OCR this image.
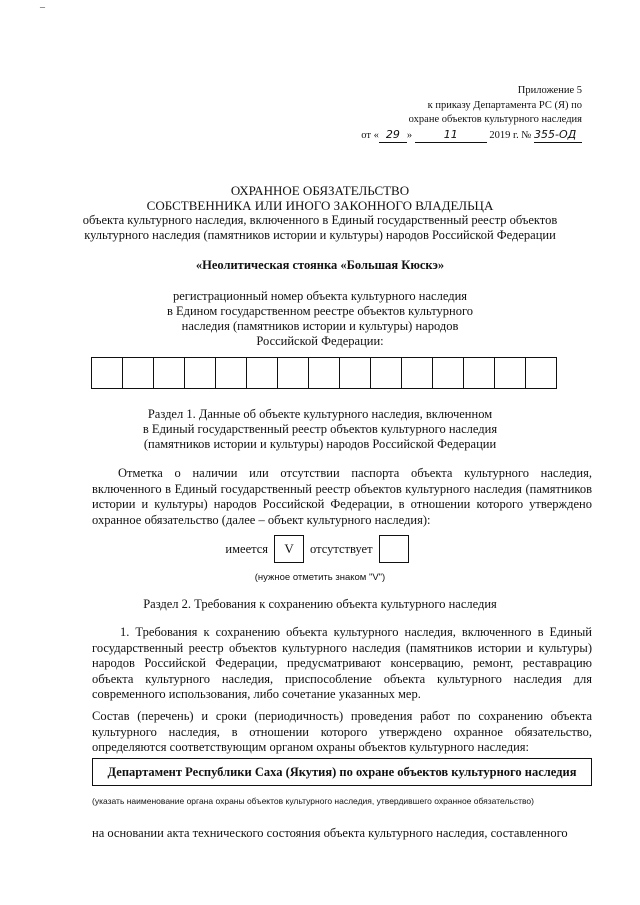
–
Приложение 5
к приказу Департамента РС (Я) по
охране объектов культурного наследия
от « 29 »	11	2019 г. № 355-ОД
ОХРАННОЕ ОБЯЗАТЕЛЬСТВО
СОБСТВЕННИКА ИЛИ ИНОГО ЗАКОННОГО ВЛАДЕЛЬЦА
объекта культурного наследия, включенного в Единый государственный реестр объектов
культурного наследия (памятников истории и культуры) народов Российской Федерации
«Неолитическая стоянка «Большая Кюскэ»
регистрационный номер объекта культурного наследия
в Едином государственном реестре объектов культурного
наследия (памятников истории и культуры) народов
Российской Федерации:
Раздел 1. Данные об объекте культурного наследия, включенном
в Единый государственный реестр объектов культурного наследия
(памятников истории и культуры) народов Российской Федерации
Отметка о наличии или отсутствии паспорта объекта культурного наследия, включенного в Единый государственный реестр объектов культурного наследия (памятников истории и культуры) народов Российской Федерации, в отношении которого утверждено охранное обязательство (далее – объект культурного наследия):
имеется	V	отсутствует
(нужное отметить знаком "V")
Раздел 2. Требования к сохранению объекта культурного наследия
1. Требования к сохранению объекта культурного наследия, включенного в Единый государственный реестр объектов культурного наследия (памятников истории и культуры) народов Российской Федерации, предусматривают консервацию, ремонт, реставрацию объекта культурного наследия, приспособление объекта культурного наследия для современного использования, либо сочетание указанных мер.
Состав (перечень) и сроки (периодичность) проведения работ по сохранению объекта культурного наследия, в отношении которого утверждено охранное обязательство, определяются соответствующим органом охраны объектов культурного наследия:
Департамент Республики Саха (Якутия) по охране объектов культурного наследия
(указать наименование органа охраны объектов культурного наследия, утвердившего охранное обязательство)
на основании акта технического состояния объекта культурного наследия, составленного
